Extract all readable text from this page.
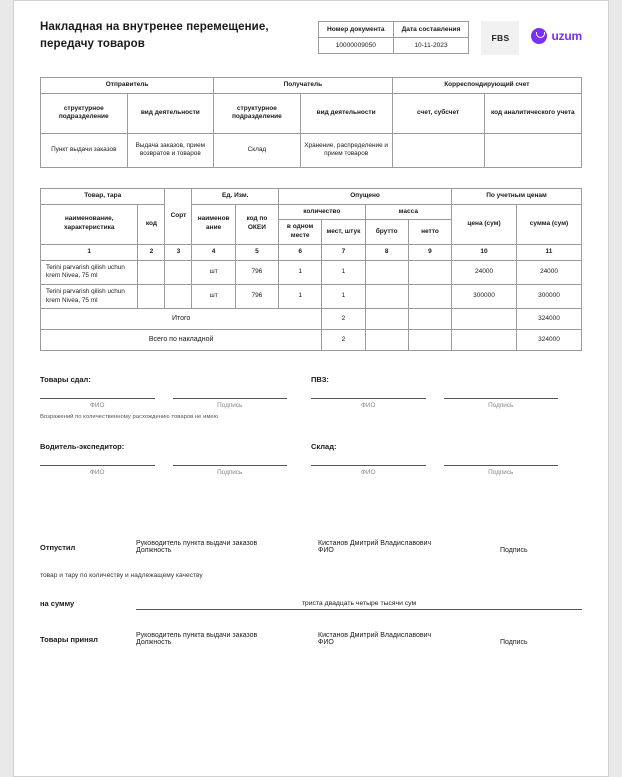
Накладная на внутренее перемещение, передачу товаров
Номер документа	Дата составления
10000009050	10-11-2023
FBS	uzum
Отправитель		Получатель		Корреспондирующий счет	
структурное подразделение	вид деятельности	структурное подразделение	вид деятельности	счет, субсчет	код аналитического учета
Пункт выдачи заказов	Выдача заказов, прием возвратов и товаров	Склад	Хранение, распределение и прием товаров		
Товар, тара		Сорт	Ед. Изм.		Опущено				По учетным ценам	
наименование, характеристика	код		наименов ание	код по ОКЕИ	количество		масса		цена (сум)	сумма (сум)
					в одном месте	мест, штук	брутто	нетто		
1	2	3	4	5	6	7	8	9	10	11
Terini parvarish qilish uchun krem Nivea, 75 ml			шт	796	1	1			24000	24000
Terini parvarish qilish uchun krem Nivea, 75 ml			шт	796	1	1			300000	300000
Итого						2				324000
Всего по накладной						2				324000
Товары сдал:
ФИО	Подпись
Возражений по количественному расхождению товаров не имею
ПВЗ:
ФИО	Подпись
Водитель-экспедитор:
ФИО	Подпись
Склад:
ФИО	Подпись
Отпустил	Руководитель пункта выдачи заказов
Должность
Кистанов Дмитрий Владиславович
ФИО
	Подпись
товар и тару по количеству и надлежащему качеству
на сумму	триста двадцать четыре тысячи сум
Товары принял	Руководитель пункта выдачи заказов
Должность
Кистанов Дмитрий Владиславович
ФИО
	Подпись
